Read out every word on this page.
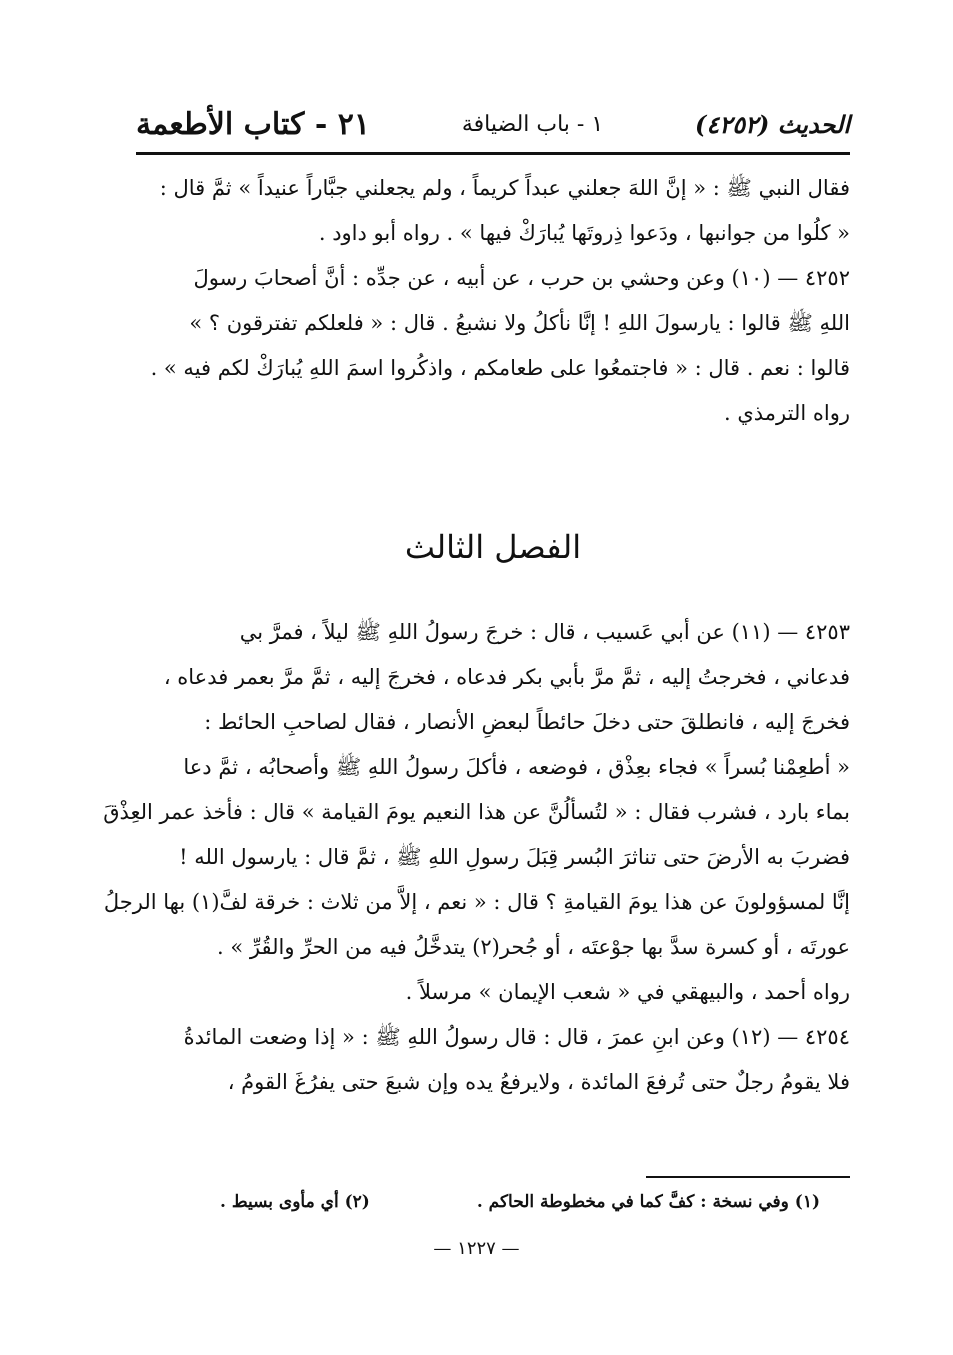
٢١ - كتاب الأطعمة	١ - باب الضيافة	الحديث (٤٢٥٢)
فقال النبي ﷺ : « إنَّ اللهَ جعلني عبداً كريماً ، ولم يجعلني جبَّاراً عنيداً » ثمَّ قال :
« كلُوا من جوانبها ، ودَعوا ذِروتَها يُبارَكْ فيها » . رواه أبو داود .
٤٢٥٢ — (١٠) وعن وحشي بن حرب ، عن أبيه ، عن جدِّه : أنَّ أصحابَ رسولَ
اللهِ ﷺ قالوا : يارسولَ اللهِ ! إنَّا نأكلُ ولا نشبعُ . قال : « فلعلكم تفترقون ؟ »
قالوا : نعم . قال : « فاجتمعُوا على طعامكم ، واذكُروا اسمَ اللهِ يُبارَكْ لكم فيه » .
رواه الترمذي .
الفصل الثالث
٤٢٥٣ — (١١) عن أبي عَسيب ، قال : خرجَ رسولُ اللهِ ﷺ ليلاً ، فمرَّ بي
فدعاني ، فخرجتُ إليه ، ثمَّ مرَّ بأبي بكر فدعاه ، فخرجَ إليه ، ثمَّ مرَّ بعمر فدعاه ،
فخرجَ إليه ، فانطلقَ حتى دخلَ حائطاً لبعضِ الأنصار ، فقال لصاحبِ الحائط :
« أطعِمْنا بُسراً » فجاء بعِذْق ، فوضعه ، فأكلَ رسولُ اللهِ ﷺ وأصحابُه ، ثمَّ دعا
بماء بارد ، فشرب فقال : « لتُسألُنَّ عن هذا النعيم يومَ القيامة » قال : فأخذ عمر العِذْقَ
فضربَ به الأرضَ حتى تناثرَ البُسر قِبَلَ رسولِ اللهِ ﷺ ، ثمَّ قال : يارسول الله !
إنَّا لمسؤولونَ عن هذا يومَ القيامةِ ؟ قال : « نعم ، إلاَّ من ثلاث : خرقة لفَّ(١) بها الرجلُ
عورتَه ، أو كسرة سدَّ بها جوْعتَه ، أو جُحر(٢) يتدخَّلُ فيه من الحرِّ والقُرِّ » .
رواه أحمد ، والبيهقي في « شعب الإيمان » مرسلاً .
٤٢٥٤ — (١٢) وعن ابنِ عمرَ ، قال : قال رسولُ اللهِ ﷺ : « إذا وضعت المائدةُ
فلا يقومُ رجلٌ حتى تُرفعَ المائدة ، ولايرفعُ يده وإن شبعَ حتى يفرُغَ القومُ ،
(١) وفي نسخة : كفَّ كما في مخطوطة الحاكم .
(٢) أي مأوى بسيط .
— ١٢٢٧ —
